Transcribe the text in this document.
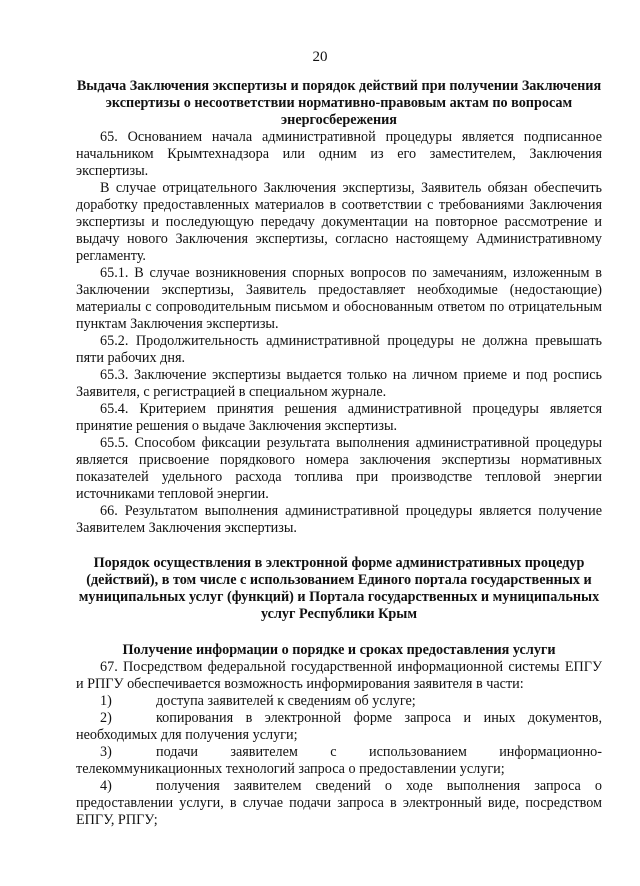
20
Выдача Заключения экспертизы и порядок действий при получении Заключения экспертизы о несоответствии нормативно-правовым актам по вопросам энергосбережения

65. Основанием начала административной процедуры является подписанное начальником Крымтехнадзора или одним из его заместителем, Заключения экспертизы.

В случае отрицательного Заключения экспертизы, Заявитель обязан обеспечить доработку предоставленных материалов в соответствии с требованиями Заключения экспертизы и последующую передачу документации на повторное рассмотрение и выдачу нового Заключения экспертизы, согласно настоящему Административному регламенту.

65.1. В случае возникновения спорных вопросов по замечаниям, изложенным в Заключении экспертизы, Заявитель предоставляет необходимые (недостающие) материалы с сопроводительным письмом и обоснованным ответом по отрицательным пунктам Заключения экспертизы.

65.2. Продолжительность административной процедуры не должна превышать пяти рабочих дня.

65.3. Заключение экспертизы выдается только на личном приеме и под роспись Заявителя, с регистрацией в специальном журнале.

65.4. Критерием принятия решения административной процедуры является принятие решения о выдаче Заключения экспертизы.

65.5. Способом фиксации результата выполнения административной процедуры является присвоение порядкового номера заключения экспертизы нормативных показателей удельного расхода топлива при производстве тепловой энергии источниками тепловой энергии.

66. Результатом выполнения административной процедуры является получение Заявителем Заключения экспертизы.

Порядок осуществления в электронной форме административных процедур (действий), в том числе с использованием Единого портала государственных и муниципальных услуг (функций) и Портала государственных и муниципальных услуг Республики Крым
Получение информации о порядке и сроках предоставления услуги

67. Посредством федеральной государственной информационной системы ЕПГУ и РПГУ обеспечивается возможность информирования заявителя в части:

1)	доступа заявителей к сведениям об услуге;
2)	копирования в электронной форме запроса и иных документов,
необходимых для получения услуги;
3)	подачи заявителем с использованием информационно-
телекоммуникационных технологий запроса о предоставлении услуги;
4)	получения заявителем сведений о ходе выполнения запроса о
предоставлении услуги, в случае подачи запроса в электронный виде, посредством ЕПГУ, РПГУ;
